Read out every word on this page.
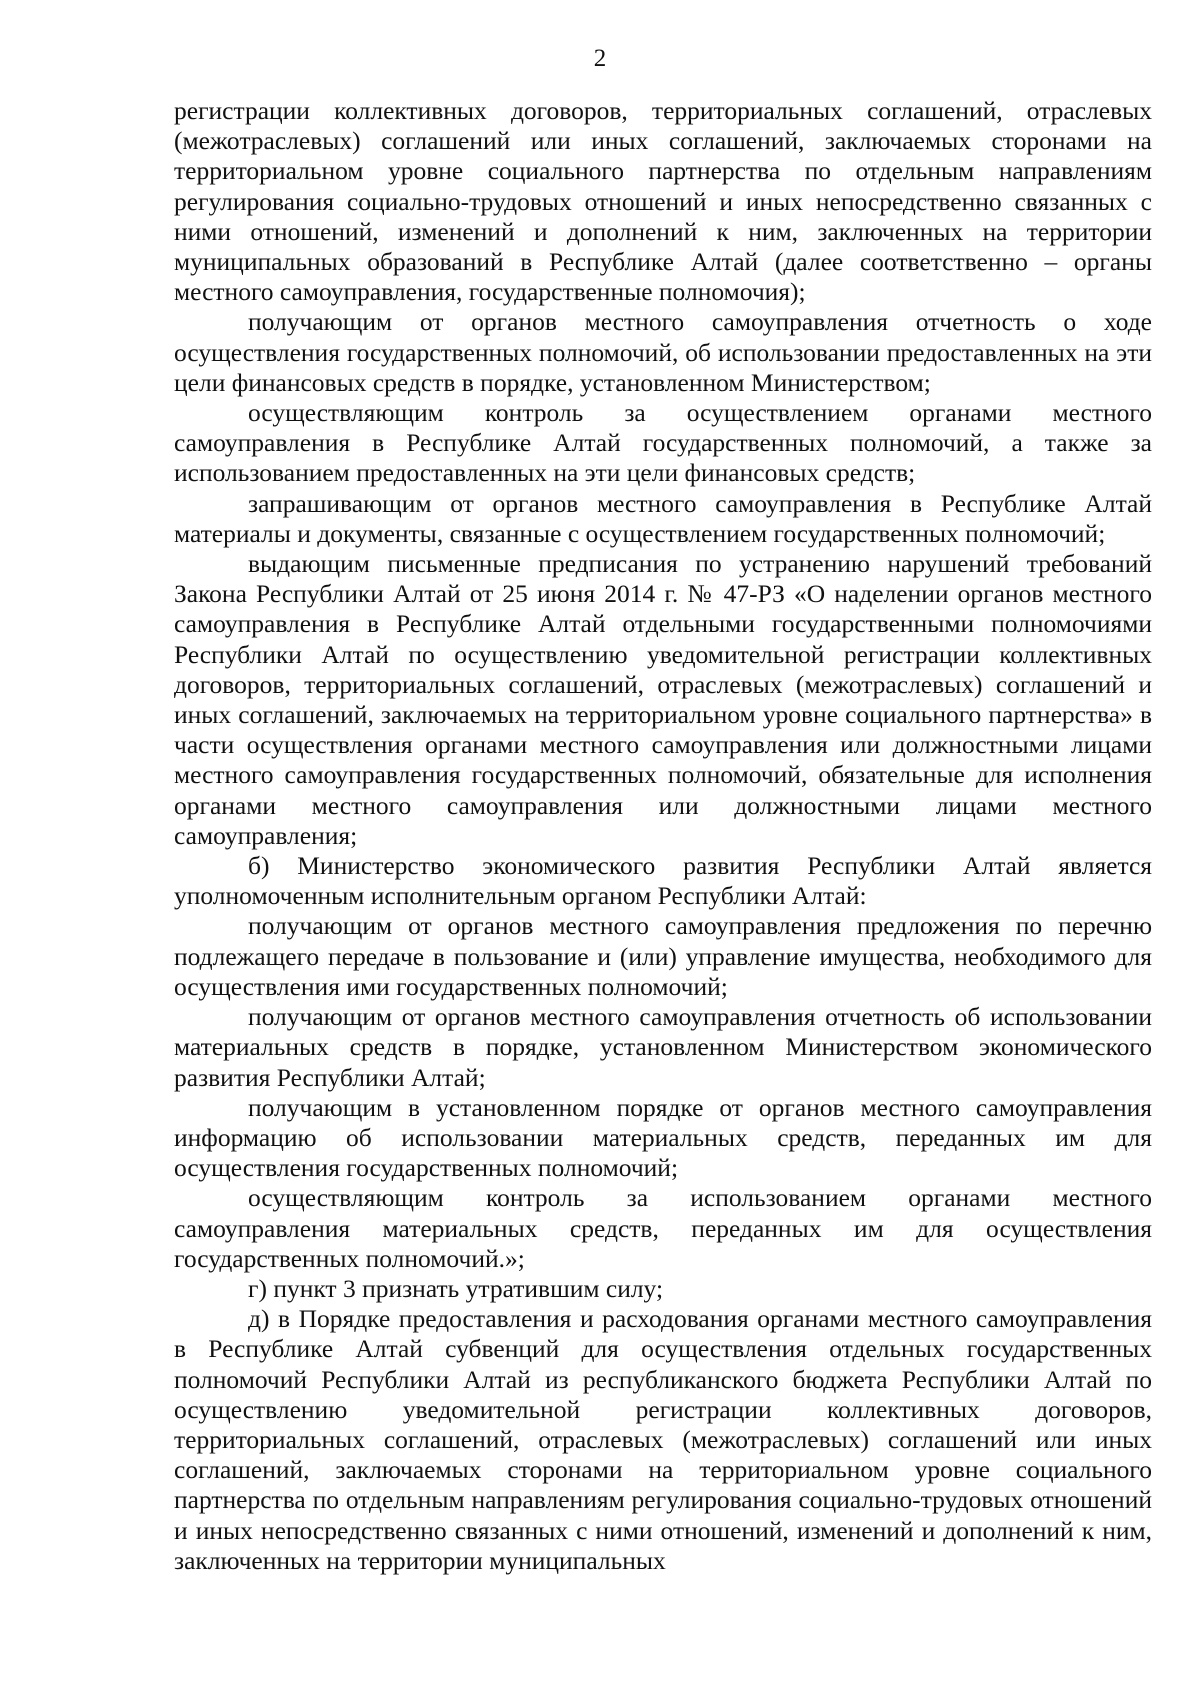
2

регистрации коллективных договоров, территориальных соглашений, отраслевых (межотраслевых) соглашений или иных соглашений, заключаемых сторонами на территориальном уровне социального партнерства по отдельным направлениям регулирования социально-трудовых отношений и иных непосредственно связанных с ними отношений, изменений и дополнений к ним, заключенных на территории муниципальных образований в Республике Алтай (далее соответственно – органы местного самоуправления, государственные полномочия);

получающим от органов местного самоуправления отчетность о ходе осуществления государственных полномочий, об использовании предоставленных на эти цели финансовых средств в порядке, установленном Министерством;

осуществляющим контроль за осуществлением органами местного самоуправления в Республике Алтай государственных полномочий, а также за использованием предоставленных на эти цели финансовых средств;

запрашивающим от органов местного самоуправления в Республике Алтай материалы и документы, связанные с осуществлением государственных полномочий;

выдающим письменные предписания по устранению нарушений требований Закона Республики Алтай от 25 июня 2014 г. № 47-РЗ «О наделении органов местного самоуправления в Республике Алтай отдельными государственными полномочиями Республики Алтай по осуществлению уведомительной регистрации коллективных договоров, территориальных соглашений, отраслевых (межотраслевых) соглашений и иных соглашений, заключаемых на территориальном уровне социального партнерства» в части осуществления органами местного самоуправления или должностными лицами местного самоуправления государственных полномочий, обязательные для исполнения органами местного самоуправления или должностными лицами местного самоуправления;

б) Министерство экономического развития Республики Алтай является уполномоченным исполнительным органом Республики Алтай:

получающим от органов местного самоуправления предложения по перечню подлежащего передаче в пользование и (или) управление имущества, необходимого для осуществления ими государственных полномочий;

получающим от органов местного самоуправления отчетность об использовании материальных средств в порядке, установленном Министерством экономического развития Республики Алтай;

получающим в установленном порядке от органов местного самоуправления информацию об использовании материальных средств, переданных им для осуществления государственных полномочий;

осуществляющим контроль за использованием органами местного самоуправления материальных средств, переданных им для осуществления государственных полномочий.»;

г) пункт 3 признать утратившим силу;

д) в Порядке предоставления и расходования органами местного самоуправления в Республике Алтай субвенций для осуществления отдельных государственных полномочий Республики Алтай из республиканского бюджета Республики Алтай по осуществлению уведомительной регистрации коллективных договоров, территориальных соглашений, отраслевых (межотраслевых) соглашений или иных соглашений, заключаемых сторонами на территориальном уровне социального партнерства по отдельным направлениям регулирования социально-трудовых отношений и иных непосредственно связанных с ними отношений, изменений и дополнений к ним, заключенных на территории муниципальных
